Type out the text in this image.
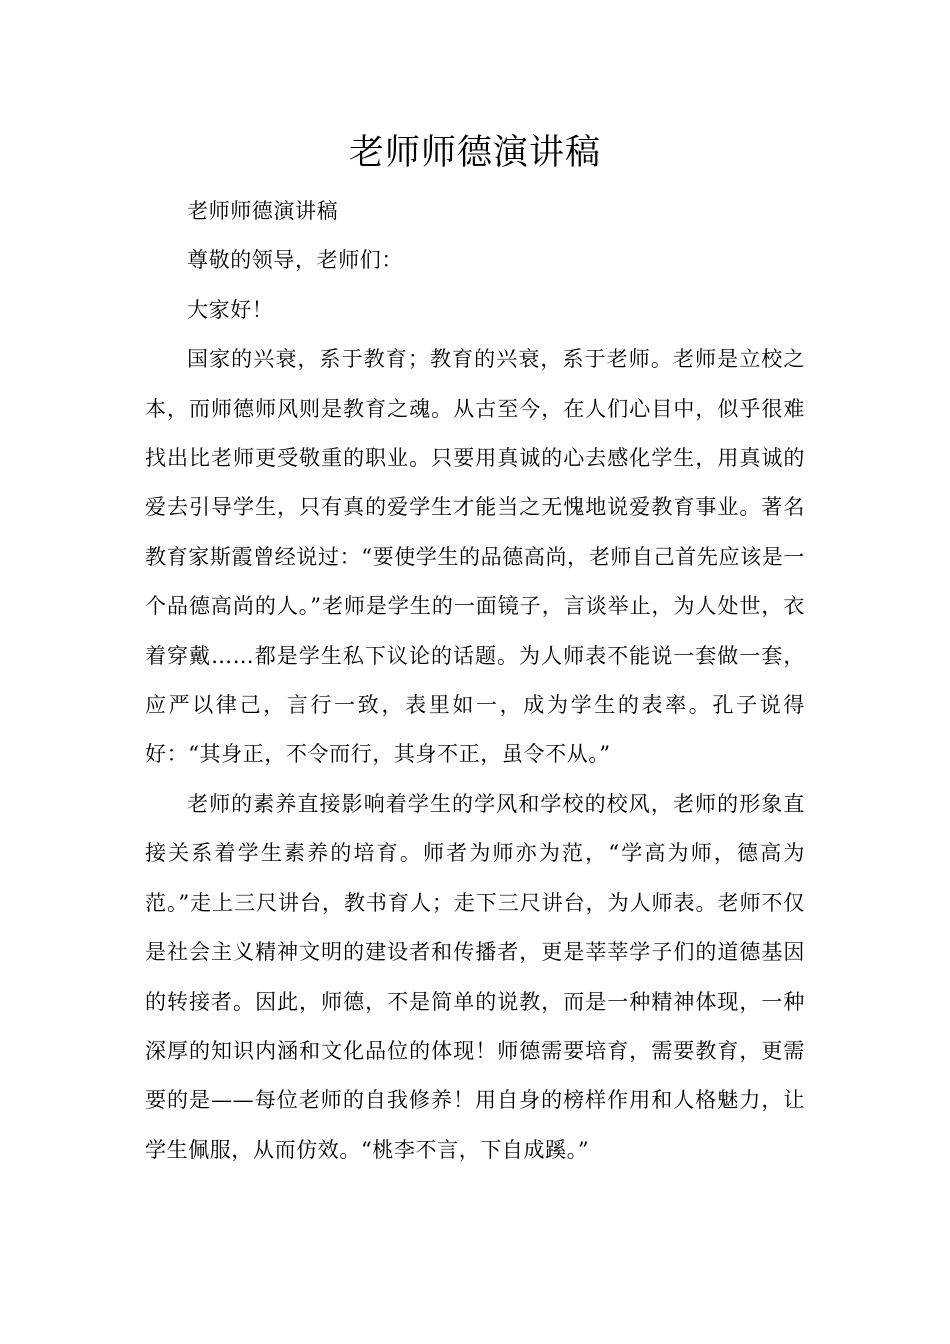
老师师德演讲稿

老师师德演讲稿

尊敬的领导，老师们：

大家好！

国家的兴衰，系于教育；教育的兴衰，系于老师。老师是立校之本，而师德师风则是教育之魂。从古至今，在人们心目中，似乎很难找出比老师更受敬重的职业。只要用真诚的心去感化学生，用真诚的爱去引导学生，只有真的爱学生才能当之无愧地说爱教育事业。著名教育家斯霞曾经说过：“要使学生的品德高尚，老师自己首先应该是一个品德高尚的人。”老师是学生的一面镜子，言谈举止，为人处世，衣着穿戴……都是学生私下议论的话题。为人师表不能说一套做一套，应严以律己，言行一致，表里如一，成为学生的表率。孔子说得好：“其身正，不令而行，其身不正，虽令不从。”

老师的素养直接影响着学生的学风和学校的校风，老师的形象直接关系着学生素养的培育。师者为师亦为范，“学高为师，德高为范。”走上三尺讲台，教书育人；走下三尺讲台，为人师表。老师不仅是社会主义精神文明的建设者和传播者，更是莘莘学子们的道德基因的转接者。因此，师德，不是简单的说教，而是一种精神体现，一种深厚的知识内涵和文化品位的体现！师德需要培育，需要教育，更需要的是——每位老师的自我修养！用自身的榜样作用和人格魅力，让学生佩服，从而仿效。“桃李不言，下自成蹊。”
